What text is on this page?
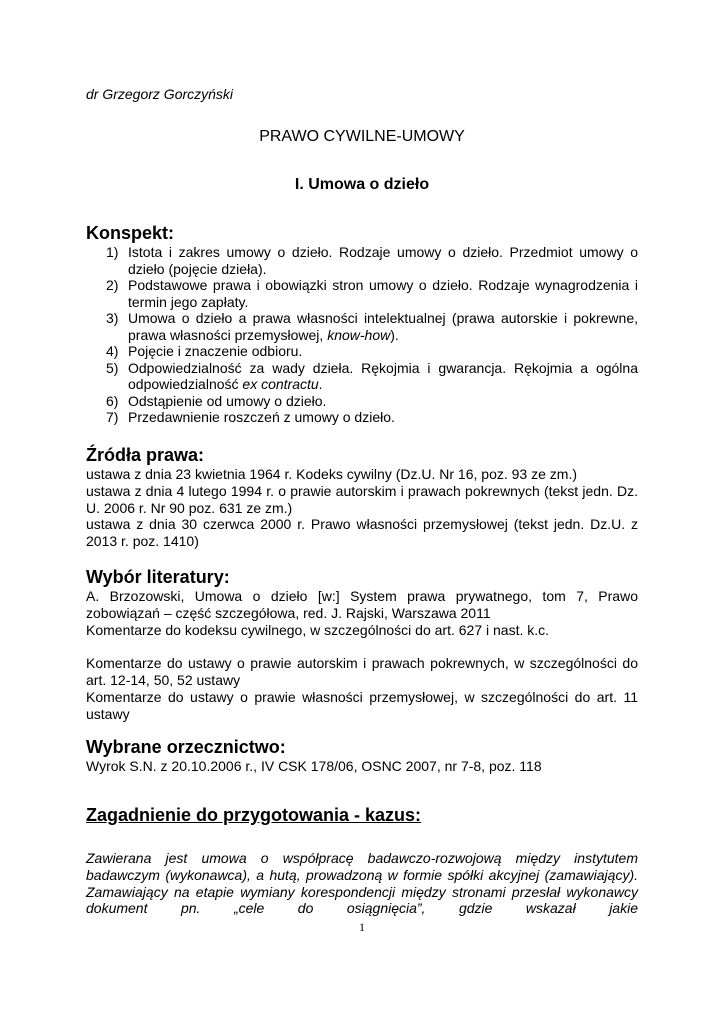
dr Grzegorz Gorczyński
PRAWO CYWILNE-UMOWY
I. Umowa o dzieło
Konspekt:
1) Istota i zakres umowy o dzieło. Rodzaje umowy o dzieło. Przedmiot umowy o dzieło (pojęcie dzieła).
2) Podstawowe prawa i obowiązki stron umowy o dzieło. Rodzaje wynagrodzenia i termin jego zapłaty.
3) Umowa o dzieło a prawa własności intelektualnej (prawa autorskie i pokrewne, prawa własności przemysłowej, know-how).
4) Pojęcie i znaczenie odbioru.
5) Odpowiedzialność za wady dzieła. Rękojmia i gwarancja. Rękojmia a ogólna odpowiedzialność ex contractu.
6) Odstąpienie od umowy o dzieło.
7) Przedawnienie roszczeń z umowy o dzieło.
Źródła prawa:
ustawa z dnia 23 kwietnia 1964 r. Kodeks cywilny (Dz.U. Nr 16, poz. 93 ze zm.)
ustawa z dnia 4 lutego 1994 r. o prawie autorskim i prawach pokrewnych (tekst jedn. Dz. U. 2006 r. Nr 90 poz. 631 ze zm.)
ustawa z dnia 30 czerwca 2000 r. Prawo własności przemysłowej (tekst jedn. Dz.U. z 2013 r. poz. 1410)
Wybór literatury:
A. Brzozowski, Umowa o dzieło [w:] System prawa prywatnego, tom 7, Prawo zobowiązań – część szczegółowa, red. J. Rajski, Warszawa 2011
Komentarze do kodeksu cywilnego, w szczególności do art. 627 i nast. k.c.
Komentarze do ustawy o prawie autorskim i prawach pokrewnych, w szczególności do art. 12-14, 50, 52 ustawy
Komentarze do ustawy o prawie własności przemysłowej, w szczególności do art. 11 ustawy
Wybrane orzecznictwo:
Wyrok S.N. z 20.10.2006 r., IV CSK 178/06, OSNC 2007, nr 7-8, poz. 118
Zagadnienie do przygotowania - kazus:
Zawierana jest umowa o współpracę badawczo-rozwojową między instytutem badawczym (wykonawca), a hutą, prowadzoną w formie spółki akcyjnej (zamawiający). Zamawiający na etapie wymiany korespondencji między stronami przesłał wykonawcy dokument pn. „cele do osiągnięcia”, gdzie wskazał jakie
1
